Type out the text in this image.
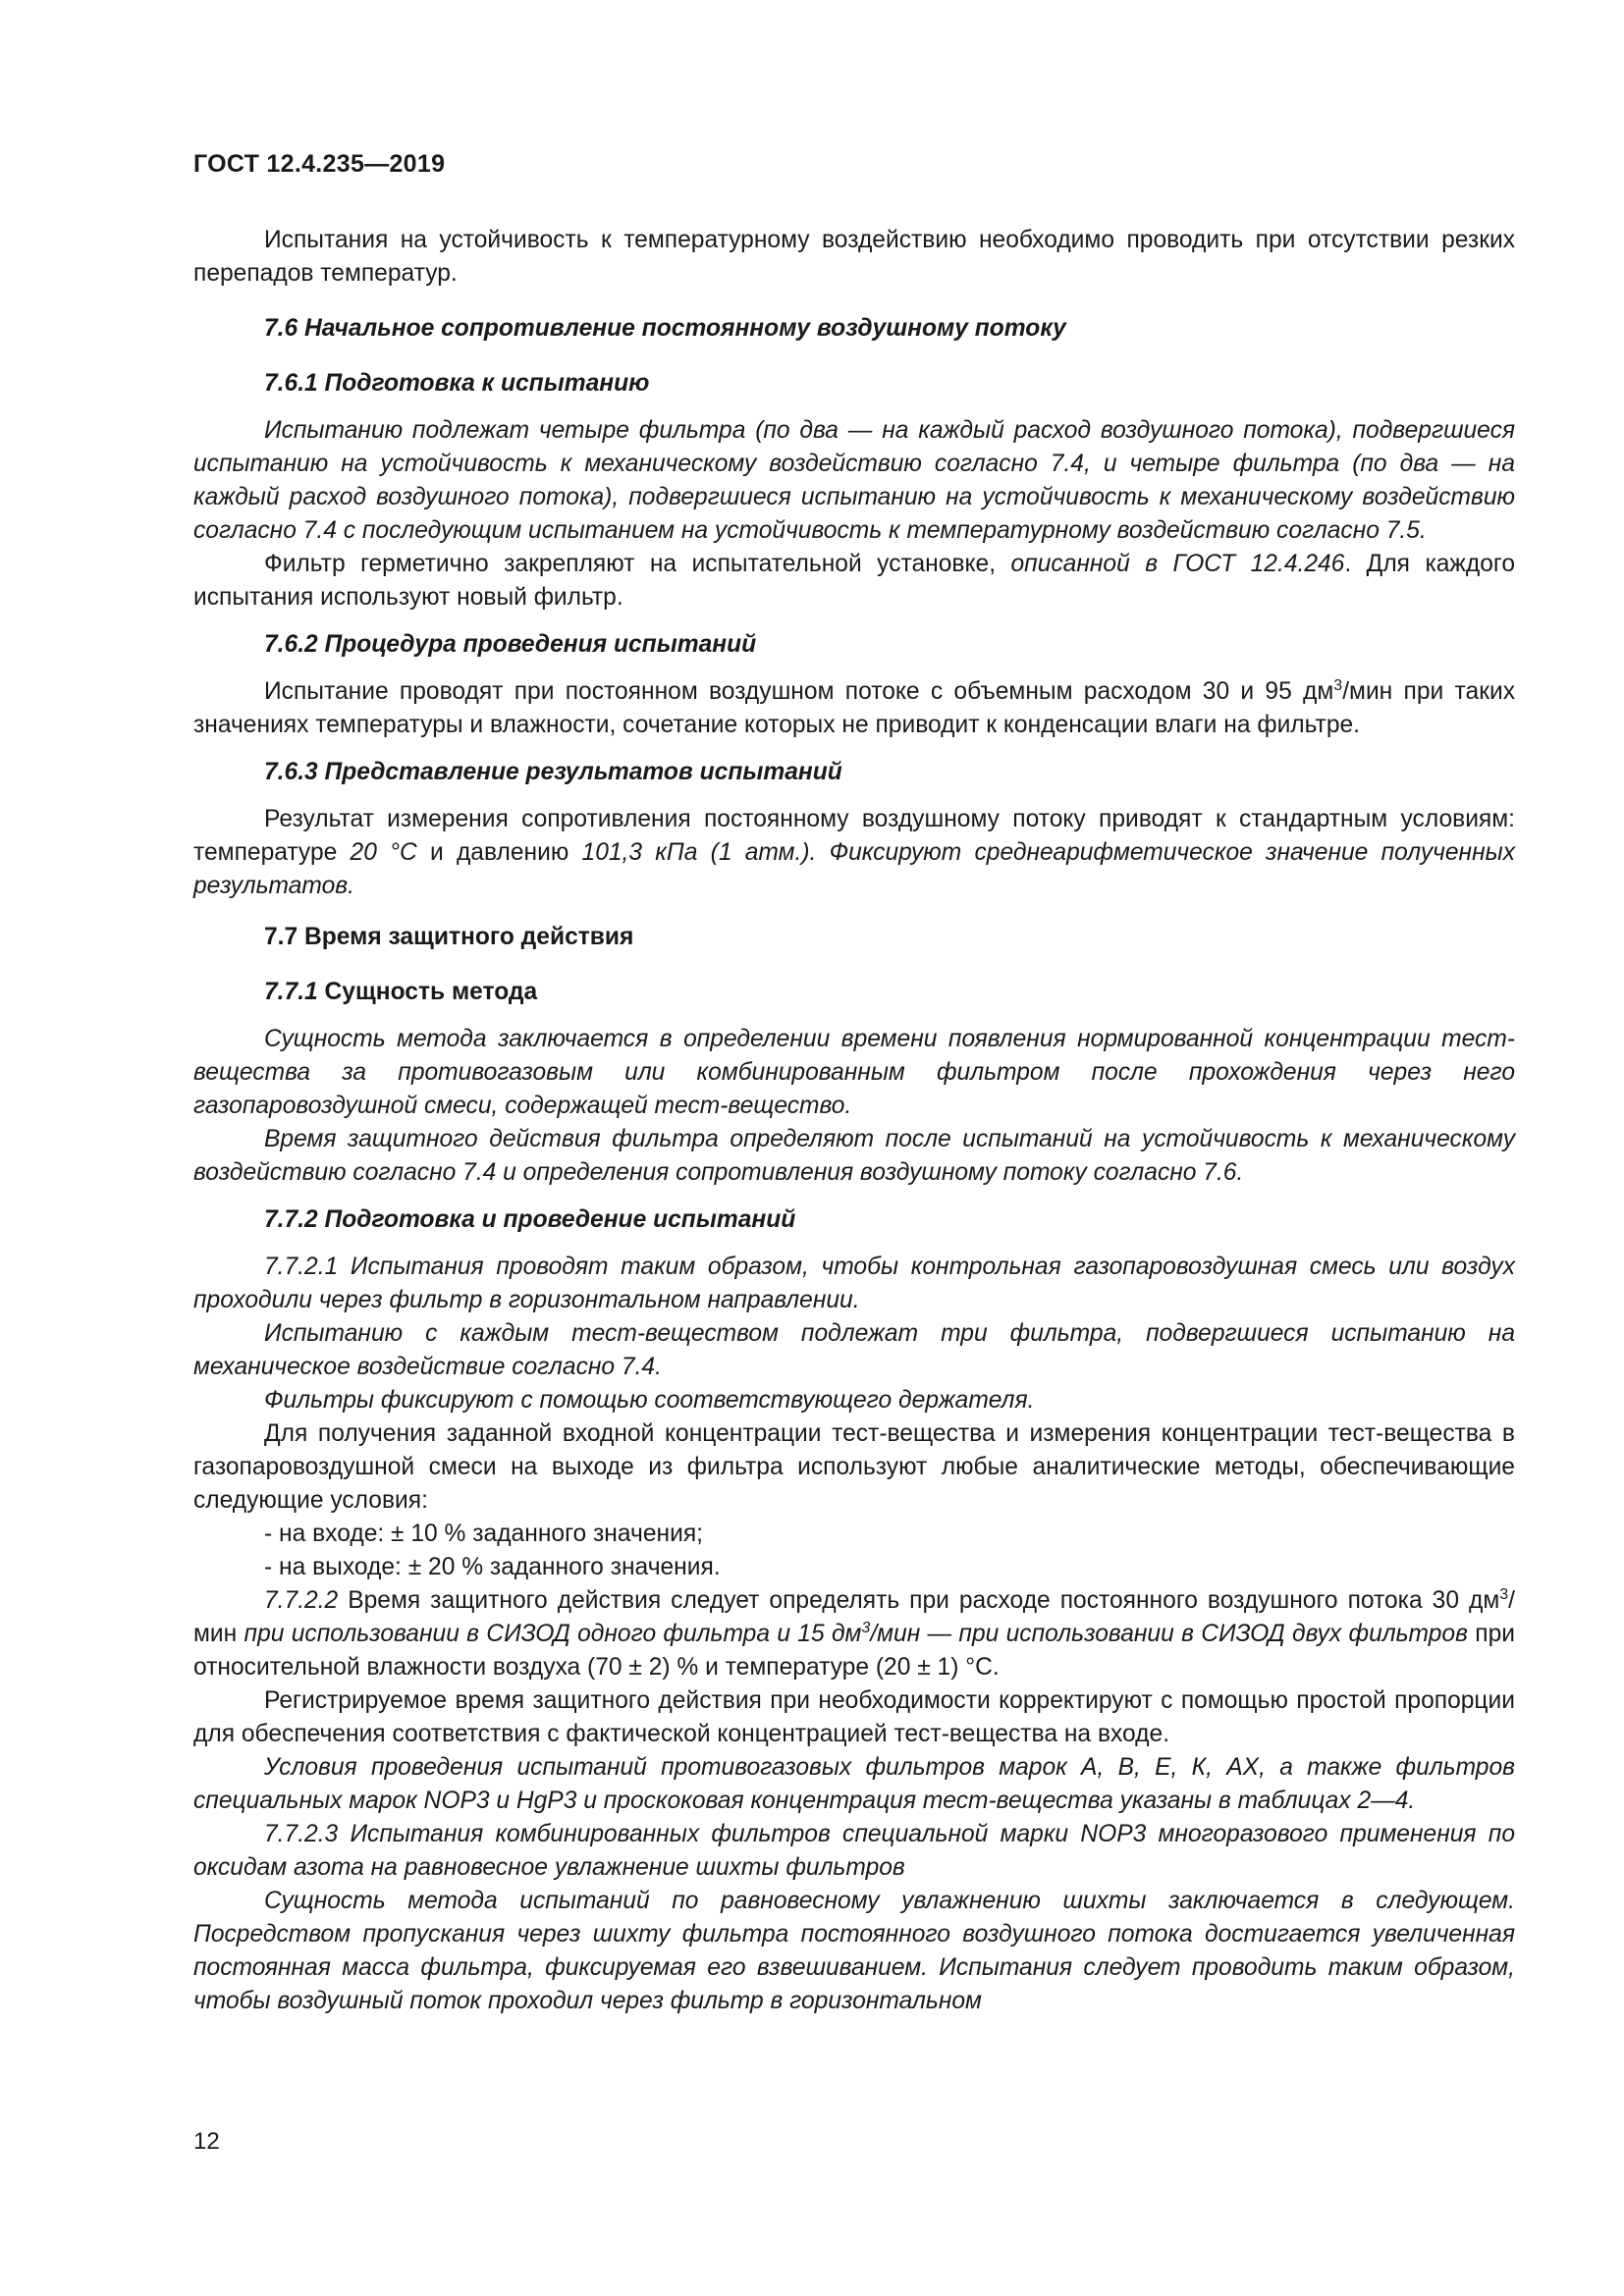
ГОСТ 12.4.235—2019

Испытания на устойчивость к температурному воздействию необходимо проводить при отсутствии резких перепадов температур.

7.6 Начальное сопротивление постоянному воздушному потоку

7.6.1 Подготовка к испытанию

Испытанию подлежат четыре фильтра (по два — на каждый расход воздушного потока), подвергшиеся испытанию на устойчивость к механическому воздействию согласно 7.4, и четыре фильтра (по два — на каждый расход воздушного потока), подвергшиеся испытанию на устойчивость к механическому воздействию согласно 7.4 с последующим испытанием на устойчивость к температурному воздействию согласно 7.5.

Фильтр герметично закрепляют на испытательной установке, описанной в ГОСТ 12.4.246. Для каждого испытания используют новый фильтр.

7.6.2 Процедура проведения испытаний

Испытание проводят при постоянном воздушном потоке с объемным расходом 30 и 95 $дм^3$/мин при таких значениях температуры и влажности, сочетание которых не приводит к конденсации влаги на фильтре.

7.6.3 Представление результатов испытаний

Результат измерения сопротивления постоянному воздушному потоку приводят к стандартным условиям: температуре 20 °С и давлению 101,3 кПа (1 атм.). Фиксируют среднеарифметическое значение полученных результатов.

7.7 Время защитного действия

7.7.1 Сущность метода

Сущность метода заключается в определении времени появления нормированной концентрации тест-вещества за противогазовым или комбинированным фильтром после прохождения через него газопаровоздушной смеси, содержащей тест-вещество.

Время защитного действия фильтра определяют после испытаний на устойчивость к механическому воздействию согласно 7.4 и определения сопротивления воздушному потоку согласно 7.6.

7.7.2 Подготовка и проведение испытаний

7.7.2.1 Испытания проводят таким образом, чтобы контрольная газопаровоздушная смесь или воздух проходили через фильтр в горизонтальном направлении.

Испытанию с каждым тест-веществом подлежат три фильтра, подвергшиеся испытанию на механическое воздействие согласно 7.4.

Фильтры фиксируют с помощью соответствующего держателя.

Для получения заданной входной концентрации тест-вещества и измерения концентрации тест-вещества в газопаровоздушной смеси на выходе из фильтра используют любые аналитические методы, обеспечивающие следующие условия:

- на входе: ± 10 % заданного значения;

- на выходе: ± 20 % заданного значения.

7.7.2.2 Время защитного действия следует определять при расходе постоянного воздушного потока 30 $дм^3$/мин при использовании в СИЗОД одного фильтра и 15 $дм^3$/мин — при использовании в СИЗОД двух фильтров при относительной влажности воздуха (70 ± 2) % и температуре (20 ± 1) °С.

Регистрируемое время защитного действия при необходимости корректируют с помощью простой пропорции для обеспечения соответствия с фактической концентрацией тест-вещества на входе.

Условия проведения испытаний противогазовых фильтров марок А, В, Е, К, АХ, а также фильтров специальных марок NOP3 и HgP3 и проскоковая концентрация тест-вещества указаны в таблицах 2—4.

7.7.2.3 Испытания комбинированных фильтров специальной марки NOP3 многоразового применения по оксидам азота на равновесное увлажнение шихты фильтров

Сущность метода испытаний по равновесному увлажнению шихты заключается в следующем. Посредством пропускания через шихту фильтра постоянного воздушного потока достигается увеличенная постоянная масса фильтра, фиксируемая его взвешиванием. Испытания следует проводить таким образом, чтобы воздушный поток проходил через фильтр в горизонтальном

12
